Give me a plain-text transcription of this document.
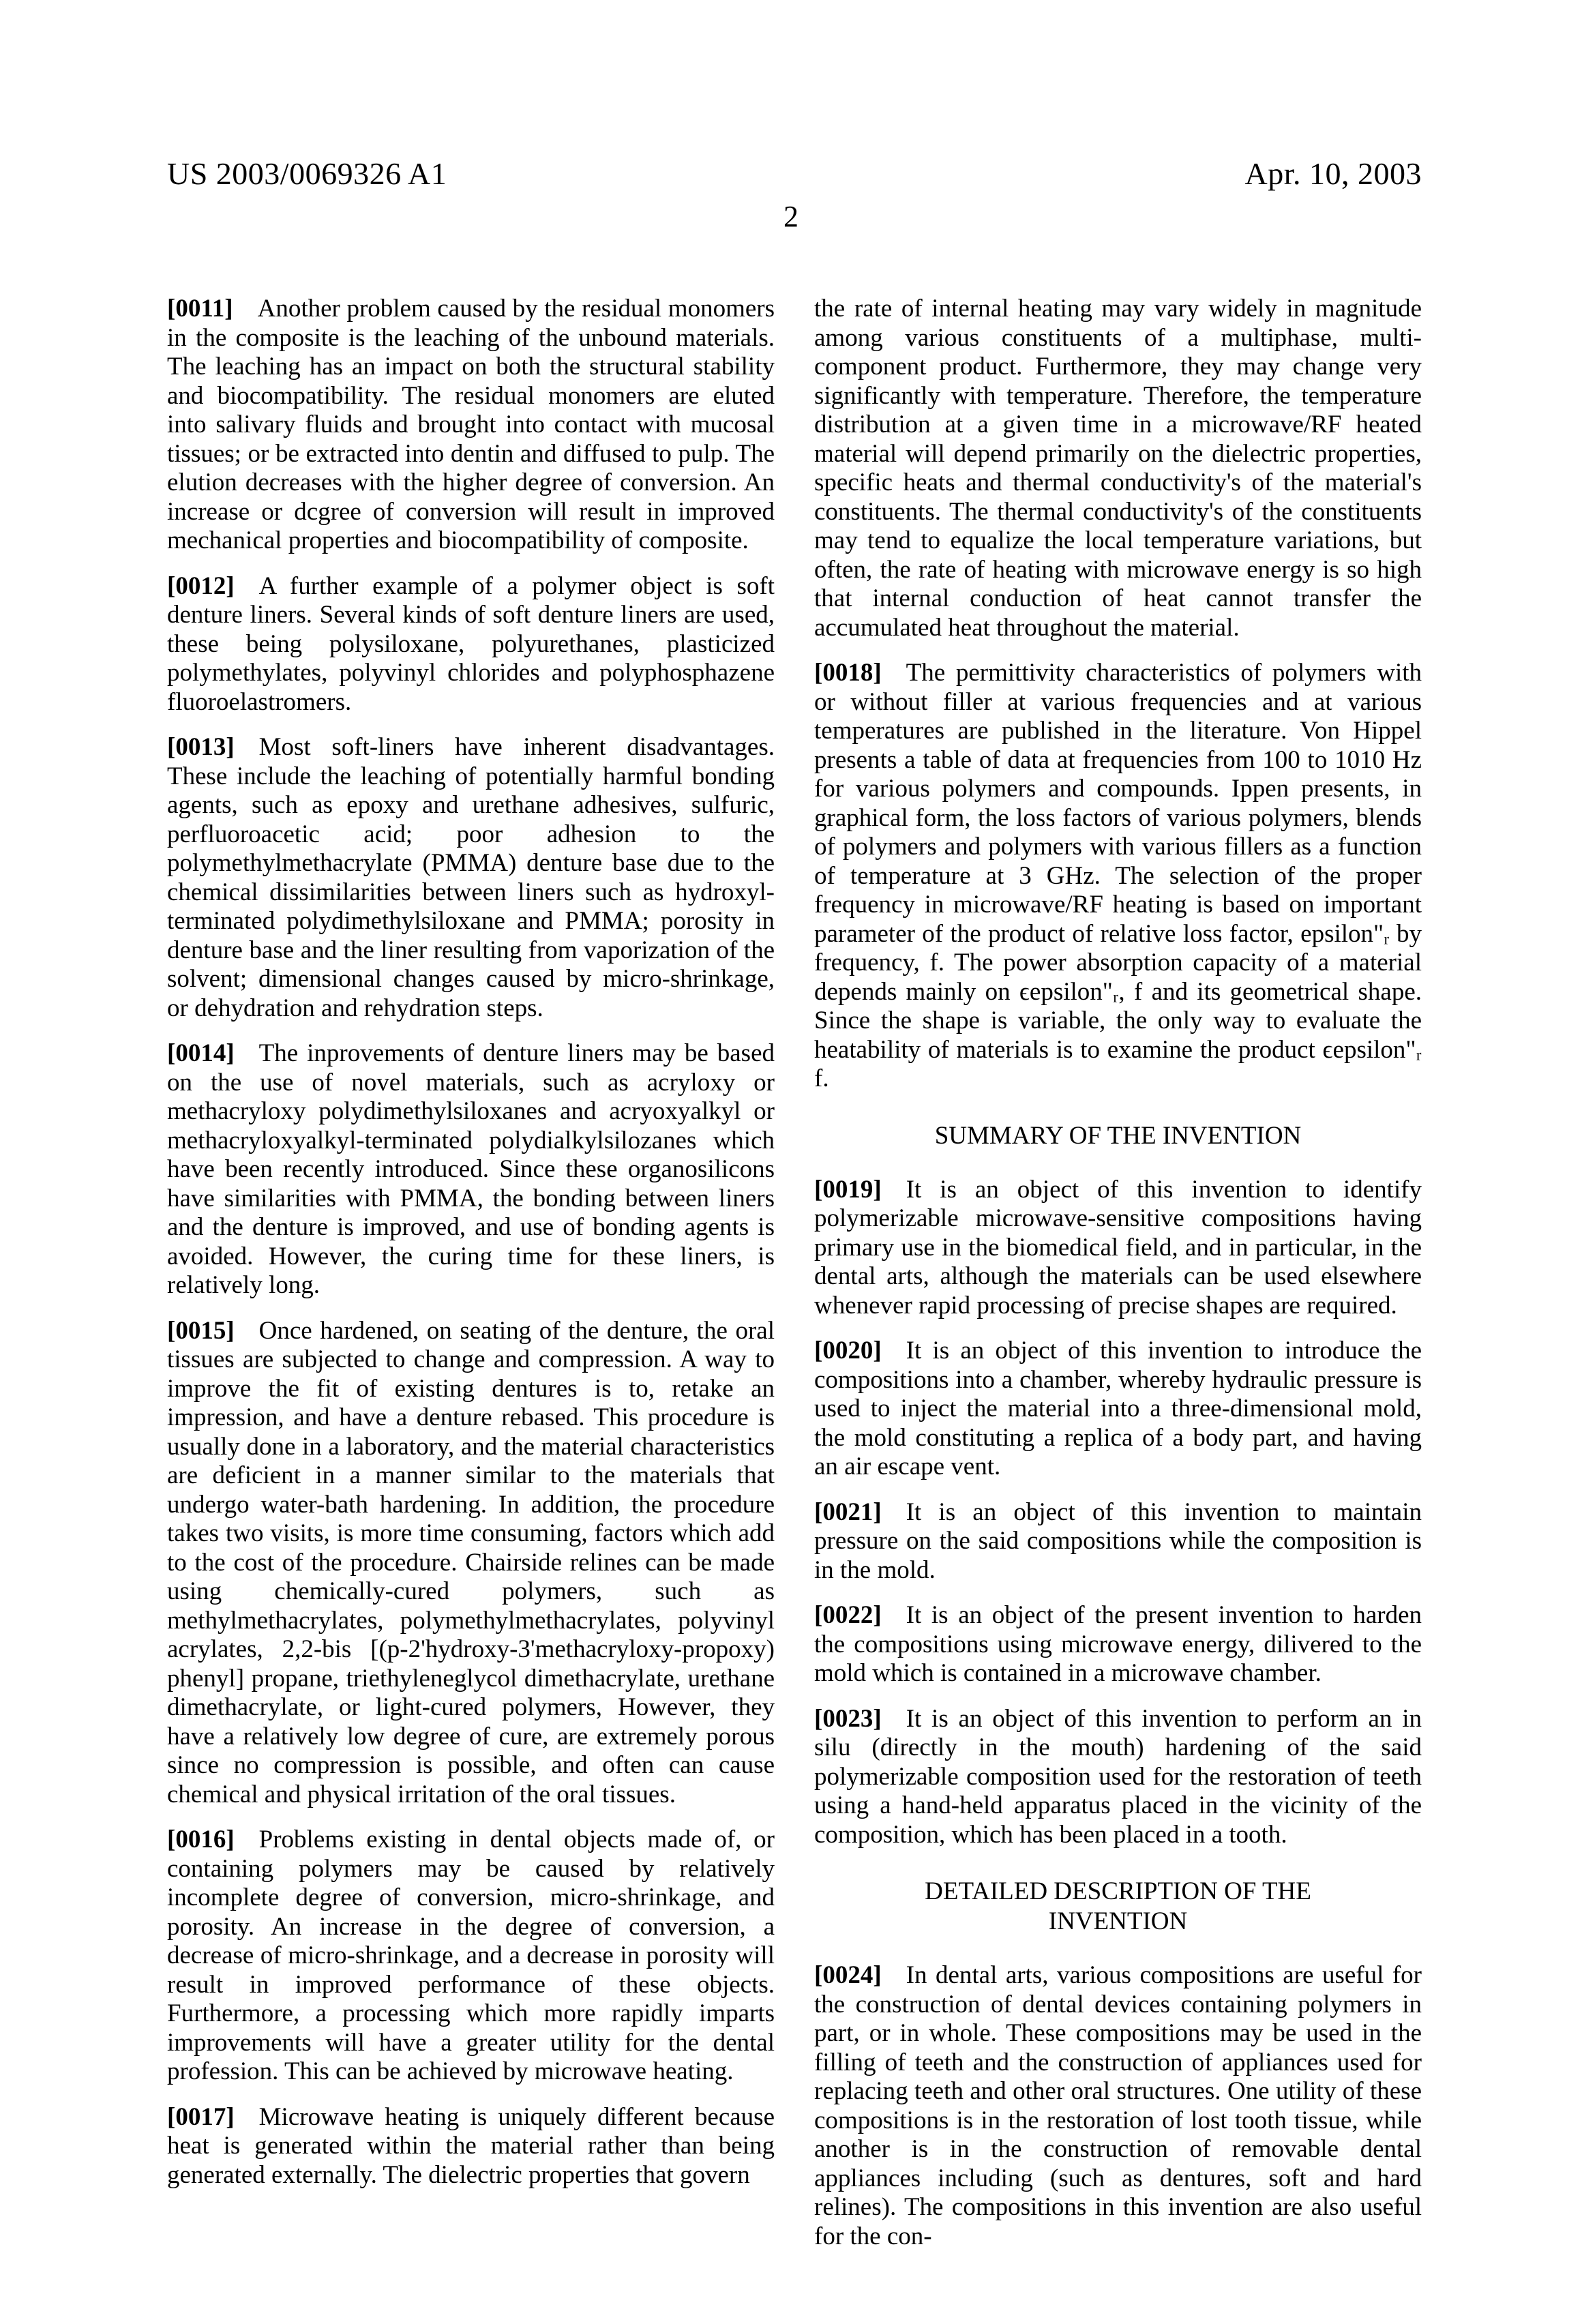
US 2003/0069326 A1	Apr. 10, 2003
2

[0011] Another problem caused by the residual monomers in the composite is the leaching of the unbound materials. The leaching has an impact on both the structural stability and biocompatibility. The residual monomers are eluted into salivary fluids and brought into contact with mucosal tissues; or be extracted into dentin and diffused to pulp. The elution decreases with the higher degree of conversion. An increase or dcgree of conversion will result in improved mechanical properties and biocompatibility of composite.

[0012] A further example of a polymer object is soft denture liners. Several kinds of soft denture liners are used, these being polysiloxane, polyurethanes, plasticized polymethylates, polyvinyl chlorides and polyphosphazene fluoroelastromers.

[0013] Most soft-liners have inherent disadvantages. These include the leaching of potentially harmful bonding agents, such as epoxy and urethane adhesives, sulfuric, perfluoroacetic acid; poor adhesion to the polymethylmethacrylate (PMMA) denture base due to the chemical dissimilarities between liners such as hydroxyl-terminated polydimethylsiloxane and PMMA; porosity in denture base and the liner resulting from vaporization of the solvent; dimensional changes caused by micro-shrinkage, or dehydration and rehydration steps.

[0014] The inprovements of denture liners may be based on the use of novel materials, such as acryloxy or methacryloxy polydimethylsiloxanes and acryoxyalkyl or methacryloxyalkyl-terminated polydialkylsilozanes which have been recently introduced. Since these organosilicons have similarities with PMMA, the bonding between liners and the denture is improved, and use of bonding agents is avoided. However, the curing time for these liners, is relatively long.

[0015] Once hardened, on seating of the denture, the oral tissues are subjected to change and compression. A way to improve the fit of existing dentures is to, retake an impression, and have a denture rebased. This procedure is usually done in a laboratory, and the material characteristics are deficient in a manner similar to the materials that undergo water-bath hardening. In addition, the procedure takes two visits, is more time consuming, factors which add to the cost of the procedure. Chairside relines can be made using chemically-cured polymers, such as methylmethacrylates, polymethylmethacrylates, polyvinyl acrylates, 2,2-bis [(p-2'hydroxy-3'methacryloxy-propoxy) phenyl] propane, triethyleneglycol dimethacrylate, urethane dimethacrylate, or light-cured polymers, However, they have a relatively low degree of cure, are extremely porous since no compression is possible, and often can cause chemical and physical irritation of the oral tissues.

[0016] Problems existing in dental objects made of, or containing polymers may be caused by relatively incomplete degree of conversion, micro-shrinkage, and porosity. An increase in the degree of conversion, a decrease of micro-shrinkage, and a decrease in porosity will result in improved performance of these objects. Furthermore, a processing which more rapidly imparts improvements will have a greater utility for the dental profession. This can be achieved by microwave heating.

[0017] Microwave heating is uniquely different because heat is generated within the material rather than being generated externally. The dielectric properties that govern

the rate of internal heating may vary widely in magnitude among various constituents of a multiphase, multi-component product. Furthermore, they may change very significantly with temperature. Therefore, the temperature distribution at a given time in a microwave/RF heated material will depend primarily on the dielectric properties, specific heats and thermal conductivity's of the material's constituents. The thermal conductivity's of the constituents may tend to equalize the local temperature variations, but often, the rate of heating with microwave energy is so high that internal conduction of heat cannot transfer the accumulated heat throughout the material.

[0018] The permittivity characteristics of polymers with or without filler at various frequencies and at various temperatures are published in the literature. Von Hippel presents a table of data at frequencies from 100 to 1010 Hz for various polymers and compounds. Ippen presents, in graphical form, the loss factors of various polymers, blends of polymers and polymers with various fillers as a function of temperature at 3 GHz. The selection of the proper frequency in microwave/RF heating is based on important parameter of the product of relative loss factor, epsilon"ᵣ by frequency, f. The power absorption capacity of a material depends mainly on ϵepsilon"ᵣ, f and its geometrical shape. Since the shape is variable, the only way to evaluate the heatability of materials is to examine the product ϵepsilon"ᵣ f.

SUMMARY OF THE INVENTION

[0019] It is an object of this invention to identify polymerizable microwave-sensitive compositions having primary use in the biomedical field, and in particular, in the dental arts, although the materials can be used elsewhere whenever rapid processing of precise shapes are required.

[0020] It is an object of this invention to introduce the compositions into a chamber, whereby hydraulic pressure is used to inject the material into a three-dimensional mold, the mold constituting a replica of a body part, and having an air escape vent.

[0021] It is an object of this invention to maintain pressure on the said compositions while the composition is in the mold.

[0022] It is an object of the present invention to harden the compositions using microwave energy, dilivered to the mold which is contained in a microwave chamber.

[0023] It is an object of this invention to perform an in silu (directly in the mouth) hardening of the said polymerizable composition used for the restoration of teeth using a hand-held apparatus placed in the vicinity of the composition, which has been placed in a tooth.

DETAILED DESCRIPTION OF THE INVENTION

[0024] In dental arts, various compositions are useful for the construction of dental devices containing polymers in part, or in whole. These compositions may be used in the filling of teeth and the construction of appliances used for replacing teeth and other oral structures. One utility of these compositions is in the restoration of lost tooth tissue, while another is in the construction of removable dental appliances including (such as dentures, soft and hard relines). The compositions in this invention are also useful for the con-
